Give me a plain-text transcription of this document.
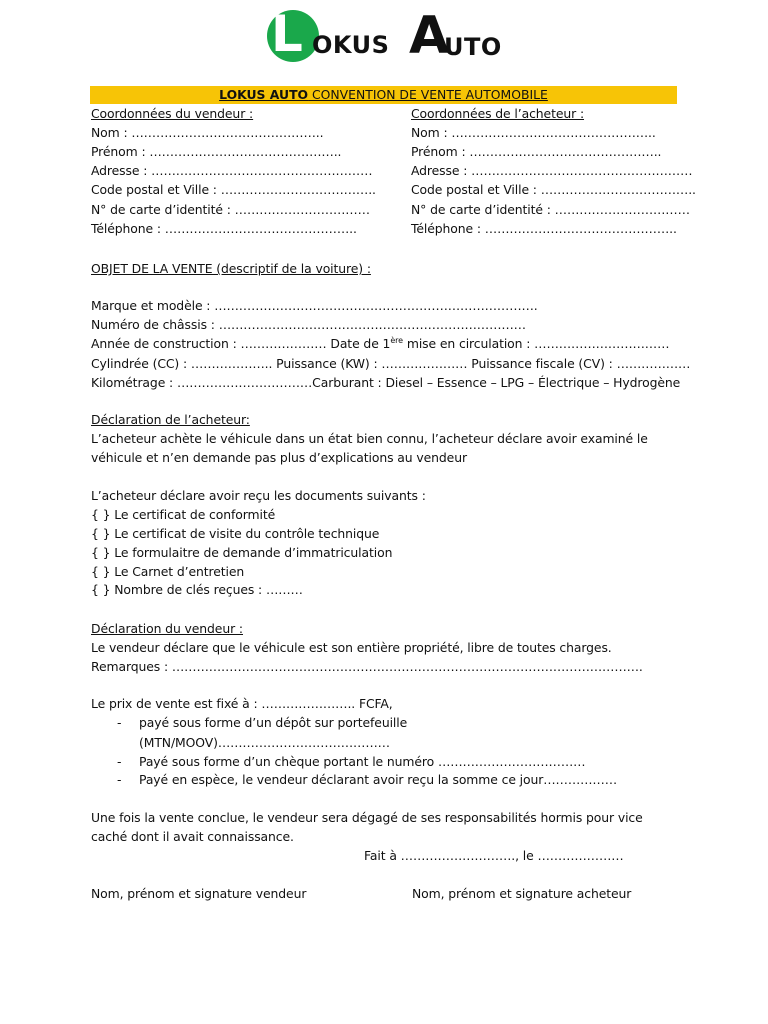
L OKUS A
UTO
LOKUS AUTO CONVENTION DE VENTE AUTOMOBILE
Coordonnées du vendeur :
Nom : ………………………………………..
Prénom : ………………………………………..
Adresse : ………………………………………………
Code postal et Ville : ………………………………..
N° de carte d’identité : ……………………………
Téléphone : ………………………………………..
Coordonnées de l’acheteur :
Nom : …………………………………………..
Prénom : ………………………………………..
Adresse : ………………………………………………
Code postal et Ville : ………………………………..
N° de carte d’identité : ……………………………
Téléphone : ………………………………………..
OBJET DE LA VENTE (descriptif de la voiture) :
Marque et modèle : …………………………………………………………………….
Numéro de châssis : …………………………………………………………………
Année de construction : ………………… Date de 1ère mise en circulation : ……………………………
Cylindrée (CC) : ……………….. Puissance (KW) : ………………… Puissance fiscale (CV) : ………………
Kilométrage : ……………………………Carburant : Diesel – Essence – LPG – Électrique – Hydrogène
Déclaration de l’acheteur:
L’acheteur achète le véhicule dans un état bien connu, l’acheteur déclare avoir examiné le
véhicule et n’en demande pas plus d’explications au vendeur
L’acheteur déclare avoir reçu les documents suivants :
{ } Le certificat de conformité
{ } Le certificat de visite du contrôle technique
{ } Le formulaitre de demande d’immatriculation
{ } Le Carnet d’entretien
{ } Nombre de clés reçues : ………
Déclaration du vendeur :
Le vendeur déclare que le véhicule est son entière propriété, libre de toutes charges.
Remarques : …………………………………………………………………………………………………….
Le prix de vente est fixé à : ………………….. FCFA,
- payé sous forme d’un dépôt sur portefeuille
(MTN/MOOV)……………………………………
- Payé sous forme d’un chèque portant le numéro ………………………………
- Payé en espèce, le vendeur déclarant avoir reçu la somme ce jour………………
Une fois la vente conclue, le vendeur sera dégagé de ses responsabilités hormis pour vice
caché dont il avait connaissance.
Fait à ………………………., le …………………
Nom, prénom et signature vendeur	Nom, prénom et signature acheteur
